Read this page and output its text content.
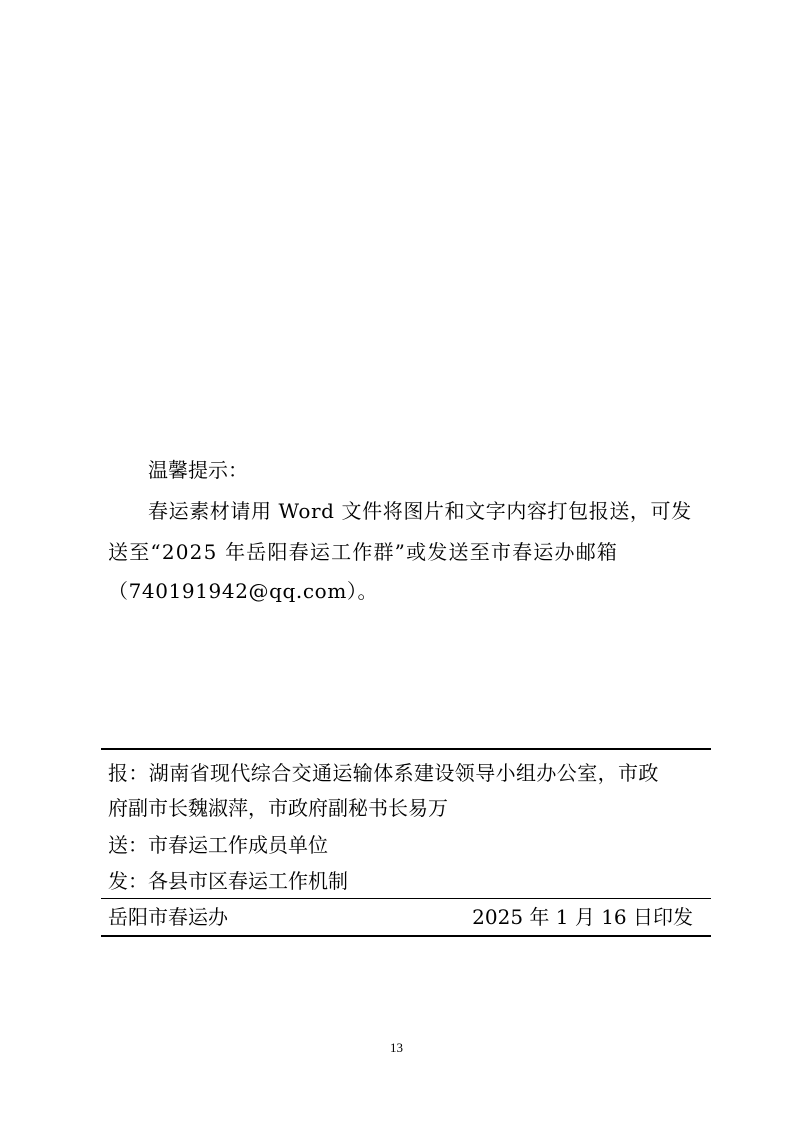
温馨提示：
春运素材请用 Word 文件将图片和文字内容打包报送，可发
送至“2025 年岳阳春运工作群”或发送至市春运办邮箱
（740191942@qq.com）。
报：湖南省现代综合交通运输体系建设领导小组办公室，市政
府副市长魏淑萍，市政府副秘书长易万
送：市春运工作成员单位
发：各县市区春运工作机制
岳阳市春运办	2025 年 1 月 16 日印发
13
